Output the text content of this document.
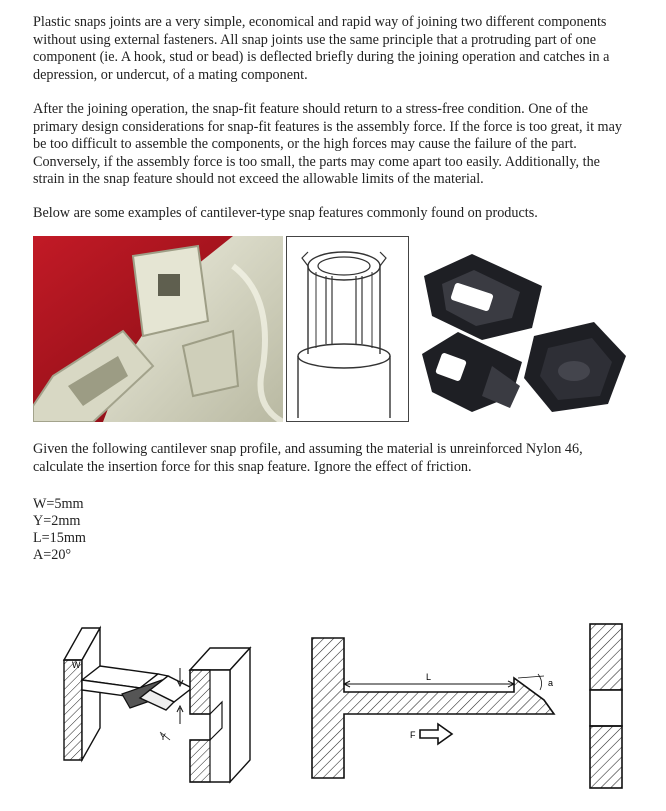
Plastic snaps joints are a very simple, economical and rapid way of joining two different components without using external fasteners. All snap joints use the same principle that a protruding part of one component (ie. A hook, stud or bead) is deflected briefly during the joining operation and catches in a depression, or undercut, of a mating component.

After the joining operation, the snap-fit feature should return to a stress-free condition. One of the primary design considerations for snap-fit features is the assembly force. If the force is too great, it may be too difficult to assemble the components, or the high forces may cause the failure of the part. Conversely, if the assembly force is too small, the parts may come apart too easily. Additionally, the strain in the snap feature should not exceed the allowable limits of the material.

Below are some examples of cantilever-type snap features commonly found on products.

Given the following cantilever snap profile, and assuming the material is unreinforced Nylon 46, calculate the insertion force for this snap feature. Ignore the effect of friction.

W=5mm
Y=2mm
L=15mm
A=20°
Y
W
L
a
F
